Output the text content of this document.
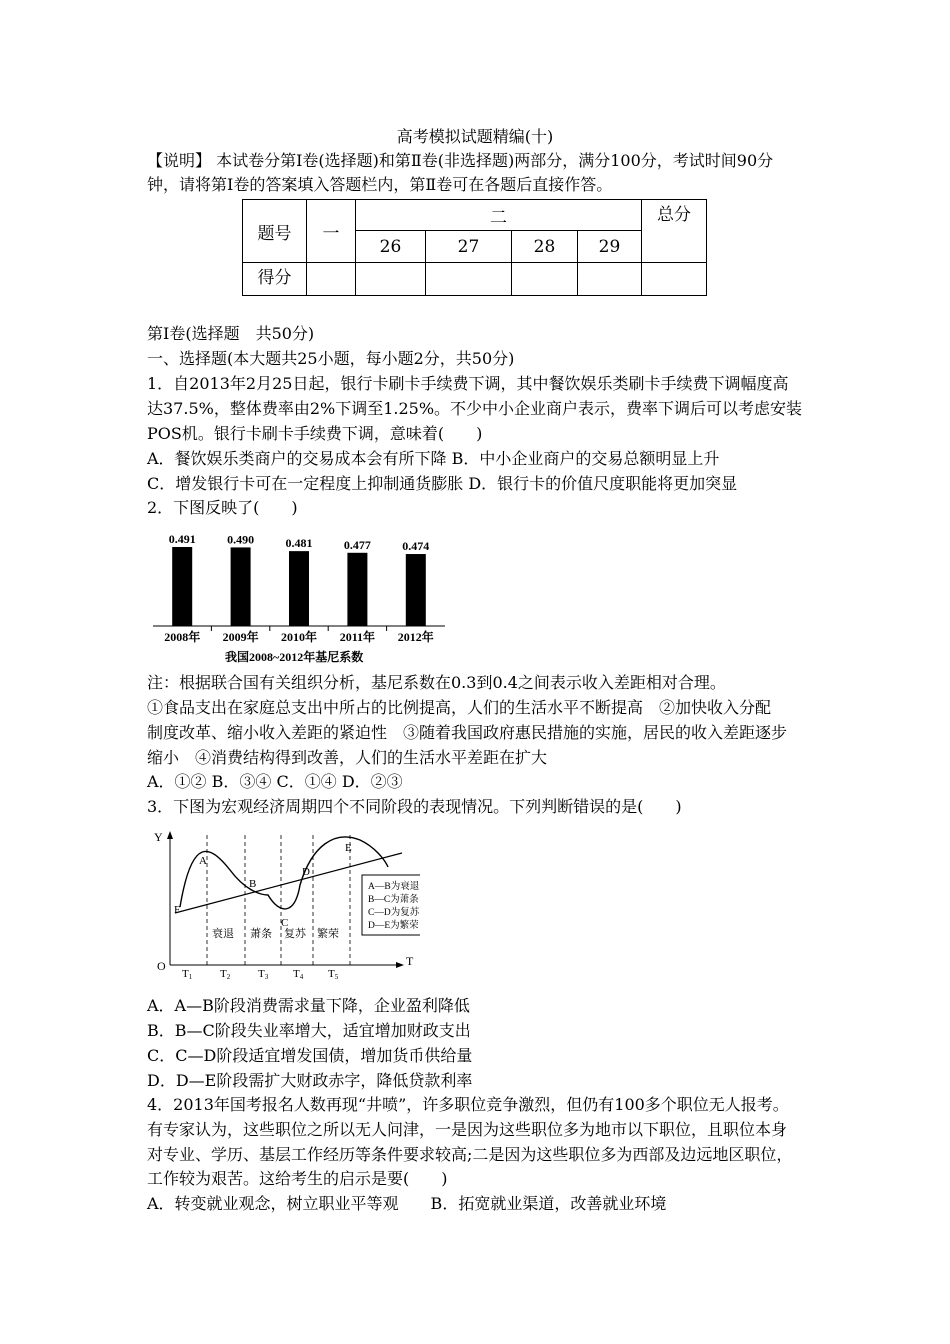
高考模拟试题精编(十)
【说明】 本试卷分第Ⅰ卷(选择题)和第Ⅱ卷(非选择题)两部分，满分100分，考试时间90分
钟，请将第Ⅰ卷的答案填入答题栏内，第Ⅱ卷可在各题后直接作答。
题号	一	二				总分
		26	27	28	29	
得分						
第Ⅰ卷(选择题　共50分)
一、选择题(本大题共25小题，每小题2分，共50分)
1．自2013年2月25日起，银行卡刷卡手续费下调，其中餐饮娱乐类刷卡手续费下调幅度高
达37.5%，整体费率由2%下调至1.25%。不少中小企业商户表示，费率下调后可以考虑安装
POS机。银行卡刷卡手续费下调，意味着(　　)
A．餐饮娱乐类商户的交易成本会有所下降 B．中小企业商户的交易总额明显上升
C．增发银行卡可在一定程度上抑制通货膨胀 D．银行卡的价值尺度职能将更加突显
2．下图反映了(　　)
0.491
2008年
0.490
2009年
0.481
2010年
0.477
2011年
0.474
2012年
我国2008~2012年基尼系数
注：根据联合国有关组织分析，基尼系数在0.3到0.4之间表示收入差距相对合理。
①食品支出在家庭总支出中所占的比例提高，人们的生活水平不断提高　②加快收入分配
制度改革、缩小收入差距的紧迫性　③随着我国政府惠民措施的实施，居民的收入差距逐步
缩小　④消费结构得到改善，人们的生活水平差距在扩大
A．①② B．③④ C．①④ D．②③
3．下图为宏观经济周期四个不同阶段的表现情况。下列判断错误的是(　　)
Y
T
O
A
B
C
D
E
F
衰退 萧条 复苏 繁荣
T1	T2	T3 T4 T5
A—B为衰退
B—C为萧条
C—D为复苏
D—E为繁荣
A．A—B阶段消费需求量下降，企业盈利降低
B．B—C阶段失业率增大，适宜增加财政支出
C．C—D阶段适宜增发国债，增加货币供给量
D．D—E阶段需扩大财政赤字，降低贷款利率
4．2013年国考报名人数再现“井喷”，许多职位竞争激烈，但仍有100多个职位无人报考。
有专家认为，这些职位之所以无人问津，一是因为这些职位多为地市以下职位，且职位本身
对专业、学历、基层工作经历等条件要求较高;二是因为这些职位多为西部及边远地区职位，
工作较为艰苦。这给考生的启示是要(　　)
A．转变就业观念，树立职业平等观　　B．拓宽就业渠道，改善就业环境
